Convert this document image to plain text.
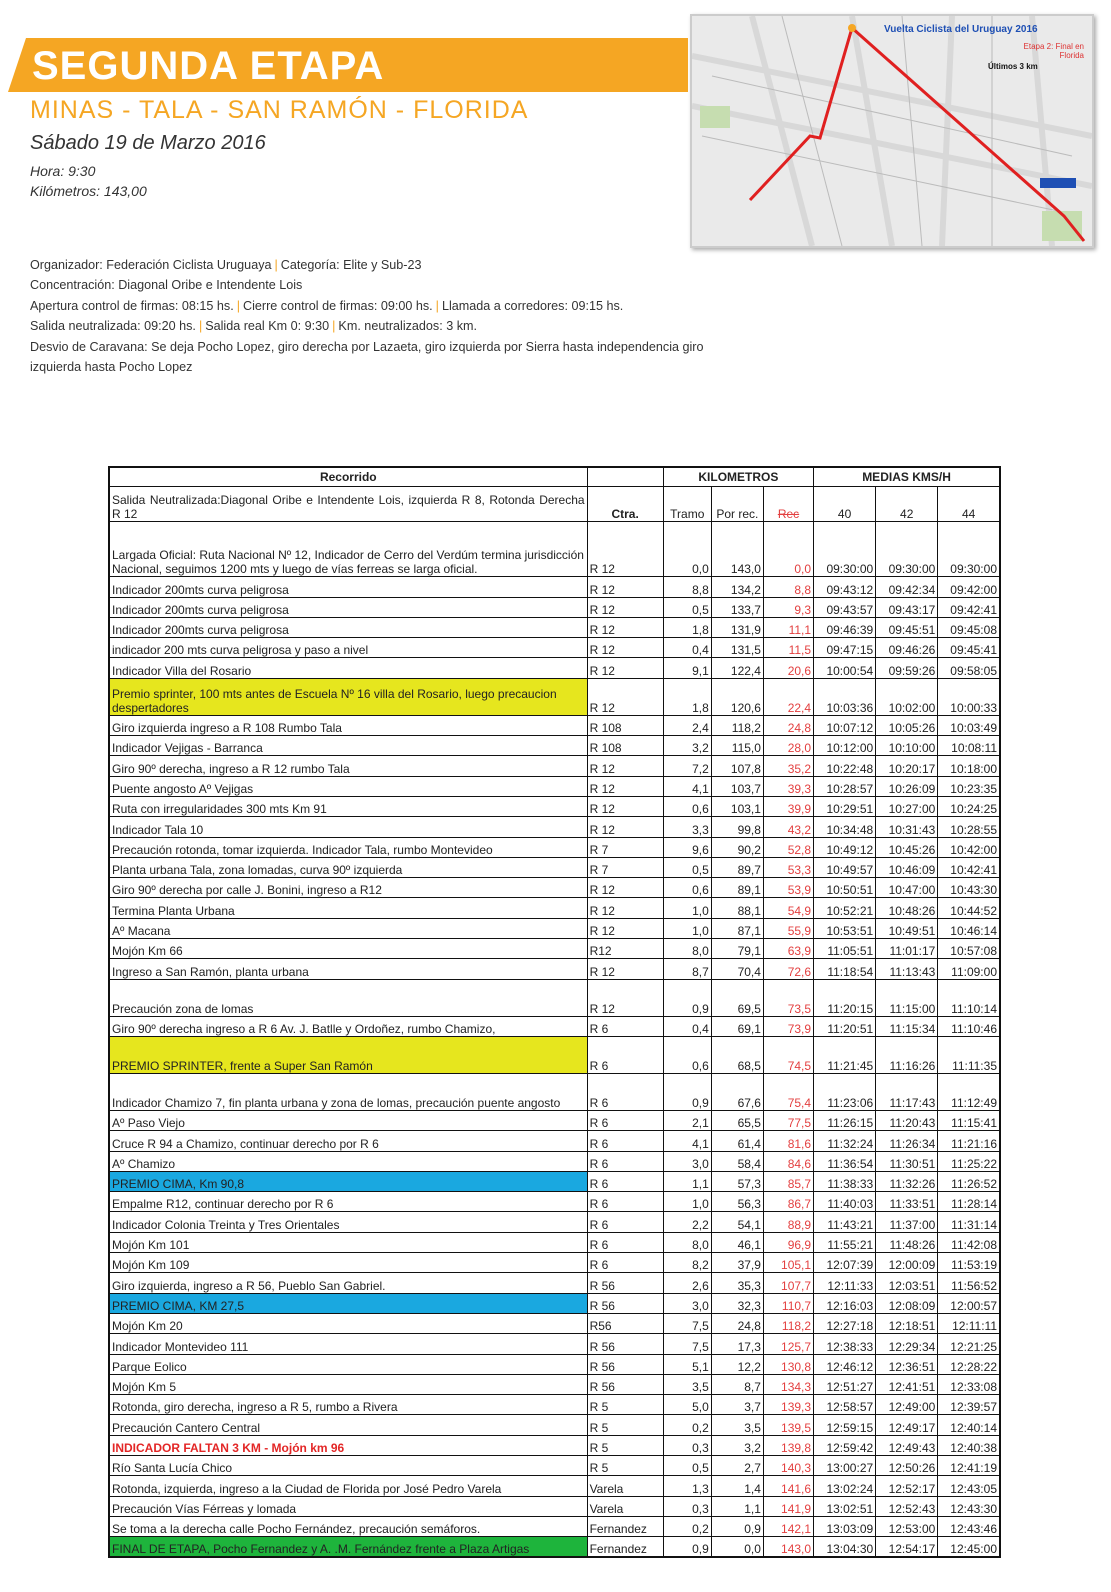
SEGUNDA ETAPA
MINAS - TALA - SAN RAMÓN - FLORIDA
Sábado 19 de Marzo 2016
Hora: 9:30
Kilómetros: 143,00
Vuelta Ciclista del Uruguay 2016
Etapa 2: Final en Florida
Últimos 3 km
Organizador: Federación Ciclista Uruguaya | Categoría: Elite y Sub-23
Concentración: Diagonal Oribe e Intendente Lois
Apertura control de firmas: 08:15 hs. | Cierre control de firmas: 09:00 hs. | Llamada a corredores: 09:15 hs.
Salida neutralizada: 09:20 hs. | Salida real Km 0: 9:30 | Km. neutralizados: 3 km.
Desvio de Caravana: Se deja Pocho Lopez, giro derecha por Lazaeta, giro izquierda por Sierra hasta independencia giro izquierda hasta Pocho Lopez
Recorrido		KILOMETROS			MEDIAS KMS/H		
Salida Neutralizada:Diagonal Oribe e Intendente Lois, izquierda R 8, Rotonda Derecha R 12	Ctra.	Tramo	Por rec.	Rec	40	42	44
Largada Oficial: Ruta Nacional Nº 12, Indicador de Cerro del Verdúm termina jurisdicción Nacional, seguimos 1200 mts y luego de vías ferreas se larga oficial.	R 12	0,0	143,0	0,0	09:30:00	09:30:00	09:30:00
Indicador 200mts curva peligrosa	R 12	8,8	134,2	8,8	09:43:12	09:42:34	09:42:00
Indicador 200mts curva peligrosa	R 12	0,5	133,7	9,3	09:43:57	09:43:17	09:42:41
Indicador 200mts curva peligrosa	R 12	1,8	131,9	11,1	09:46:39	09:45:51	09:45:08
indicador 200 mts curva peligrosa y paso a nivel	R 12	0,4	131,5	11,5	09:47:15	09:46:26	09:45:41
Indicador Villa del Rosario	R 12	9,1	122,4	20,6	10:00:54	09:59:26	09:58:05
Premio sprinter, 100 mts antes de Escuela Nº 16 villa del Rosario, luego precaucion despertadores	R 12	1,8	120,6	22,4	10:03:36	10:02:00	10:00:33
Giro izquierda ingreso a R 108 Rumbo Tala	R 108	2,4	118,2	24,8	10:07:12	10:05:26	10:03:49
Indicador Vejigas - Barranca	R 108	3,2	115,0	28,0	10:12:00	10:10:00	10:08:11
Giro 90º derecha, ingreso a R 12 rumbo Tala	R 12	7,2	107,8	35,2	10:22:48	10:20:17	10:18:00
Puente angosto Aº Vejigas	R 12	4,1	103,7	39,3	10:28:57	10:26:09	10:23:35
Ruta con irregularidades 300 mts Km 91	R 12	0,6	103,1	39,9	10:29:51	10:27:00	10:24:25
Indicador Tala 10	R 12	3,3	99,8	43,2	10:34:48	10:31:43	10:28:55
Precaución rotonda, tomar izquierda. Indicador Tala, rumbo Montevideo	R 7	9,6	90,2	52,8	10:49:12	10:45:26	10:42:00
Planta urbana Tala, zona lomadas, curva 90º izquierda	R 7	0,5	89,7	53,3	10:49:57	10:46:09	10:42:41
Giro 90º derecha por calle J. Bonini, ingreso a R12	R 12	0,6	89,1	53,9	10:50:51	10:47:00	10:43:30
Termina Planta Urbana	R 12	1,0	88,1	54,9	10:52:21	10:48:26	10:44:52
Aº Macana	R 12	1,0	87,1	55,9	10:53:51	10:49:51	10:46:14
Mojón Km 66	R12	8,0	79,1	63,9	11:05:51	11:01:17	10:57:08
Ingreso a San Ramón, planta urbana	R 12	8,7	70,4	72,6	11:18:54	11:13:43	11:09:00
Precaución zona de lomas	R 12	0,9	69,5	73,5	11:20:15	11:15:00	11:10:14
Giro 90º derecha ingreso a R 6 Av. J. Batlle y Ordoñez, rumbo Chamizo,	R 6	0,4	69,1	73,9	11:20:51	11:15:34	11:10:46
PREMIO SPRINTER, frente a Super San Ramón	R 6	0,6	68,5	74,5	11:21:45	11:16:26	11:11:35
Indicador Chamizo 7, fin planta urbana y zona de lomas, precaución puente angosto	R 6	0,9	67,6	75,4	11:23:06	11:17:43	11:12:49
Aº Paso Viejo	R 6	2,1	65,5	77,5	11:26:15	11:20:43	11:15:41
Cruce R 94 a Chamizo, continuar derecho por R 6	R 6	4,1	61,4	81,6	11:32:24	11:26:34	11:21:16
Aº Chamizo	R 6	3,0	58,4	84,6	11:36:54	11:30:51	11:25:22
PREMIO CIMA, Km 90,8	R 6	1,1	57,3	85,7	11:38:33	11:32:26	11:26:52
Empalme R12, continuar derecho por R 6	R 6	1,0	56,3	86,7	11:40:03	11:33:51	11:28:14
Indicador Colonia Treinta y Tres Orientales	R 6	2,2	54,1	88,9	11:43:21	11:37:00	11:31:14
Mojón Km 101	R 6	8,0	46,1	96,9	11:55:21	11:48:26	11:42:08
Mojón Km 109	R 6	8,2	37,9	105,1	12:07:39	12:00:09	11:53:19
Giro izquierda, ingreso a R 56, Pueblo San Gabriel.	R 56	2,6	35,3	107,7	12:11:33	12:03:51	11:56:52
PREMIO CIMA, KM 27,5	R 56	3,0	32,3	110,7	12:16:03	12:08:09	12:00:57
Mojón Km 20	R56	7,5	24,8	118,2	12:27:18	12:18:51	12:11:11
Indicador Montevideo 111	R 56	7,5	17,3	125,7	12:38:33	12:29:34	12:21:25
Parque Eolico	R 56	5,1	12,2	130,8	12:46:12	12:36:51	12:28:22
Mojón Km 5	R 56	3,5	8,7	134,3	12:51:27	12:41:51	12:33:08
Rotonda, giro derecha, ingreso a R 5, rumbo a Rivera	R 5	5,0	3,7	139,3	12:58:57	12:49:00	12:39:57
Precaución Cantero Central	R 5	0,2	3,5	139,5	12:59:15	12:49:17	12:40:14
INDICADOR FALTAN 3 KM - Mojón km 96	R 5	0,3	3,2	139,8	12:59:42	12:49:43	12:40:38
Río Santa Lucía Chico	R 5	0,5	2,7	140,3	13:00:27	12:50:26	12:41:19
Rotonda, izquierda, ingreso a la Ciudad de Florida por José Pedro Varela	Varela	1,3	1,4	141,6	13:02:24	12:52:17	12:43:05
Precaución Vías Férreas y lomada	Varela	0,3	1,1	141,9	13:02:51	12:52:43	12:43:30
Se toma a la derecha calle Pocho Fernández, precaución semáforos.	Fernandez	0,2	0,9	142,1	13:03:09	12:53:00	12:43:46
FINAL DE ETAPA, Pocho Fernandez y A. .M. Fernández frente a Plaza Artigas	Fernandez	0,9	0,0	143,0	13:04:30	12:54:17	12:45:00
